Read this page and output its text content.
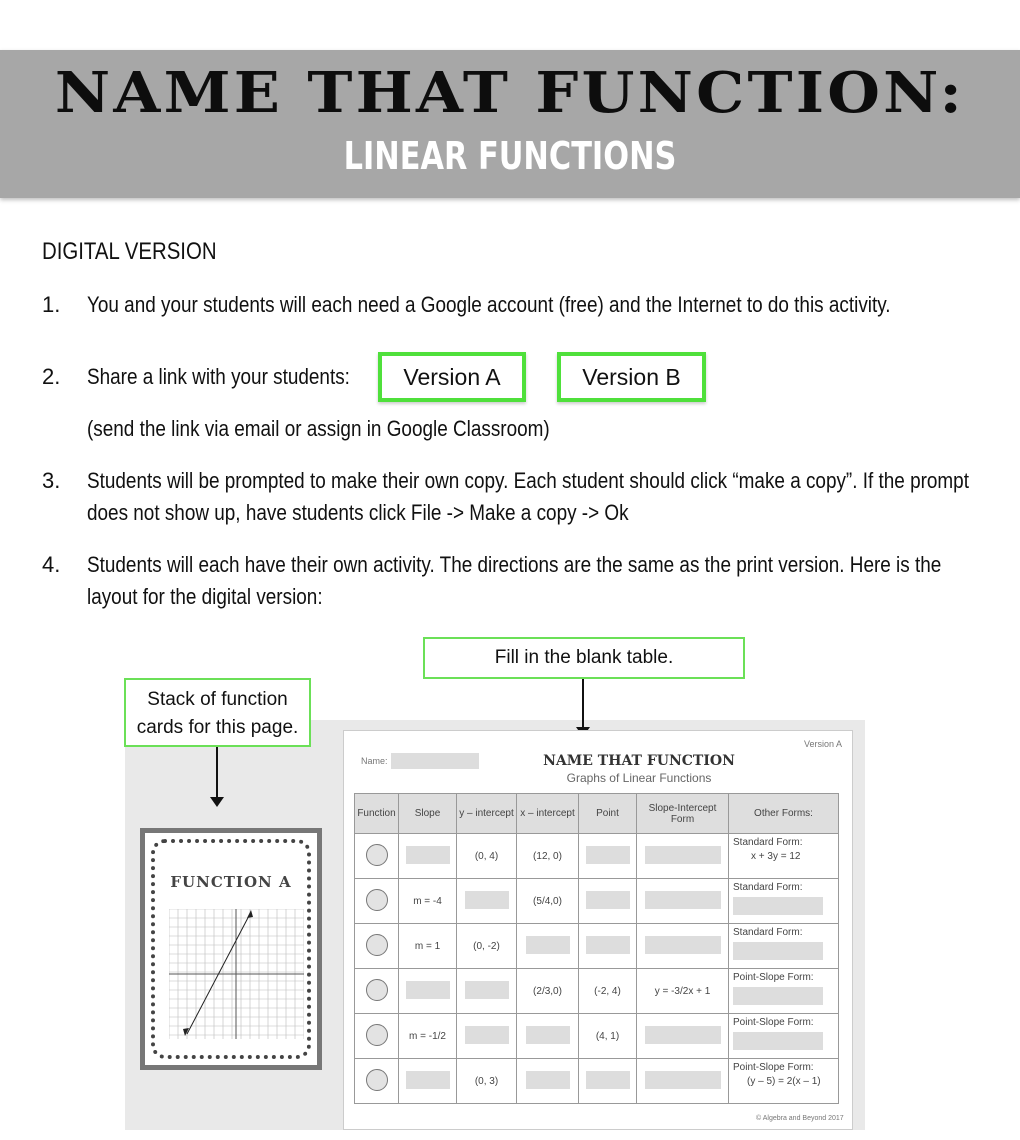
NAME THAT FUNCTION:
LINEAR FUNCTIONS
DIGITAL VERSION
1. You and your students will each need a Google account (free) and the Internet to do this activity.
2. Share a link with your students:	Version A	Version B
(send the link via email or assign in Google Classroom)
3. Students will be prompted to make their own copy. Each student should click “make a copy”. If the prompt does not show up, have students click File -> Make a copy -> Ok
4. Students will each have their own activity. The directions are the same as the print version. Here is the layout for the digital version:
Fill in the blank table.
Stack of function cards for this page.
FUNCTION A
Version A
Name:	NAME THAT FUNCTION
Graphs of Linear Functions
Function	Slope	y – intercept	x – intercept	Point	Slope-Intercept Form	Other Forms:
		(0, 4)	(12, 0)			Standard Form:
x + 3y = 12

	m = -4		(5/4,0)			Standard Form:

	m = 1	(0, -2)				Standard Form:

			(2/3,0)	(-2, 4)	y = -3/2x + 1	Point-Slope Form:

	m = -1/2			(4, 1)		Point-Slope Form:

		(0, 3)				Point-Slope Form:
(y – 5) = 2(x – 1)
© Algebra and Beyond 2017
